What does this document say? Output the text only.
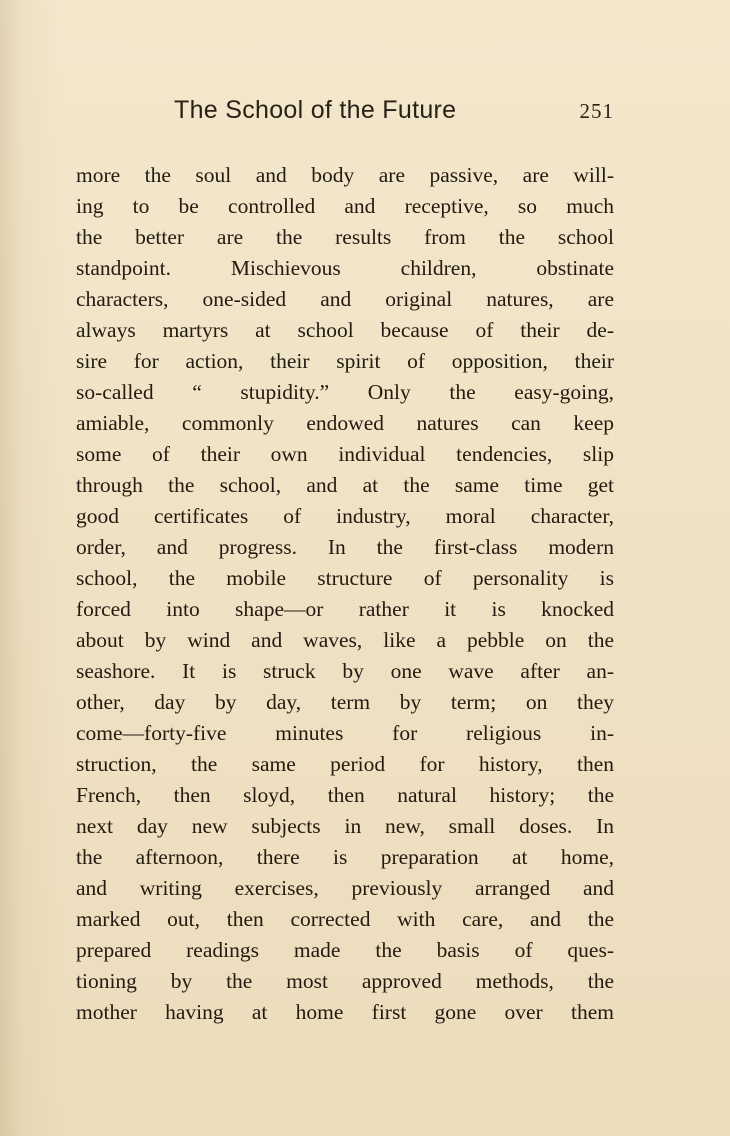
The School of the Future	251
more the soul and body are passive, are will-
ing to be controlled and receptive, so much
the better are the results from the school
standpoint. Mischievous children, obstinate
characters, one-sided and original natures, are
always martyrs at school because of their de-
sire for action, their spirit of opposition, their
so-called “ stupidity.” Only the easy-going,
amiable, commonly endowed natures can keep
some of their own individual tendencies, slip
through the school, and at the same time get
good certificates of industry, moral character,
order, and progress. In the first-class modern
school, the mobile structure of personality is
forced into shape—or rather it is knocked
about by wind and waves, like a pebble on the
seashore. It is struck by one wave after an-
other, day by day, term by term; on they
come—forty-five minutes for religious in-
struction, the same period for history, then
French, then sloyd, then natural history; the
next day new subjects in new, small doses. In
the afternoon, there is preparation at home,
and writing exercises, previously arranged and
marked out, then corrected with care, and the
prepared readings made the basis of ques-
tioning by the most approved methods, the
mother having at home first gone over them
